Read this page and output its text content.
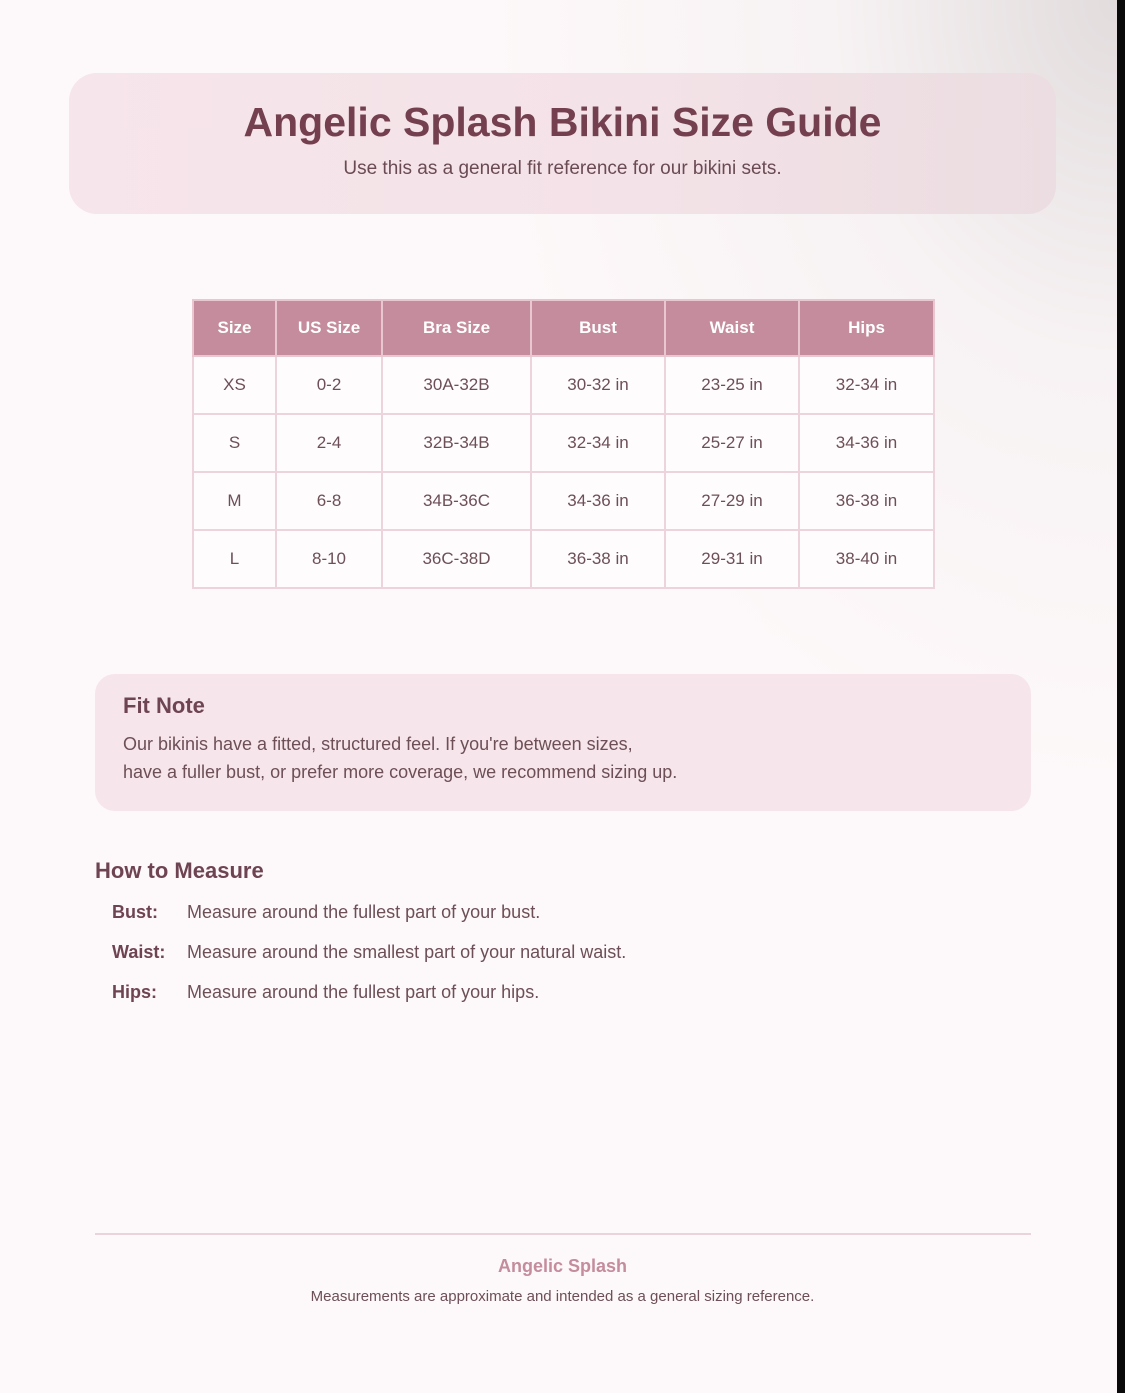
Angelic Splash Bikini Size Guide
Use this as a general fit reference for our bikini sets.
Size	US Size	Bra Size	Bust	Waist	Hips
XS	0-2	30A-32B	30-32 in	23-25 in	32-34 in
S	2-4	32B-34B	32-34 in	25-27 in	34-36 in
M	6-8	34B-36C	34-36 in	27-29 in	36-38 in
L	8-10	36C-38D	36-38 in	29-31 in	38-40 in
Fit Note
Our bikinis have a fitted, structured feel. If you're between sizes,
have a fuller bust, or prefer more coverage, we recommend sizing up.
How to Measure
Bust: Measure around the fullest part of your bust.
Waist: Measure around the smallest part of your natural waist.
Hips: Measure around the fullest part of your hips.
Angelic Splash
Measurements are approximate and intended as a general sizing reference.
